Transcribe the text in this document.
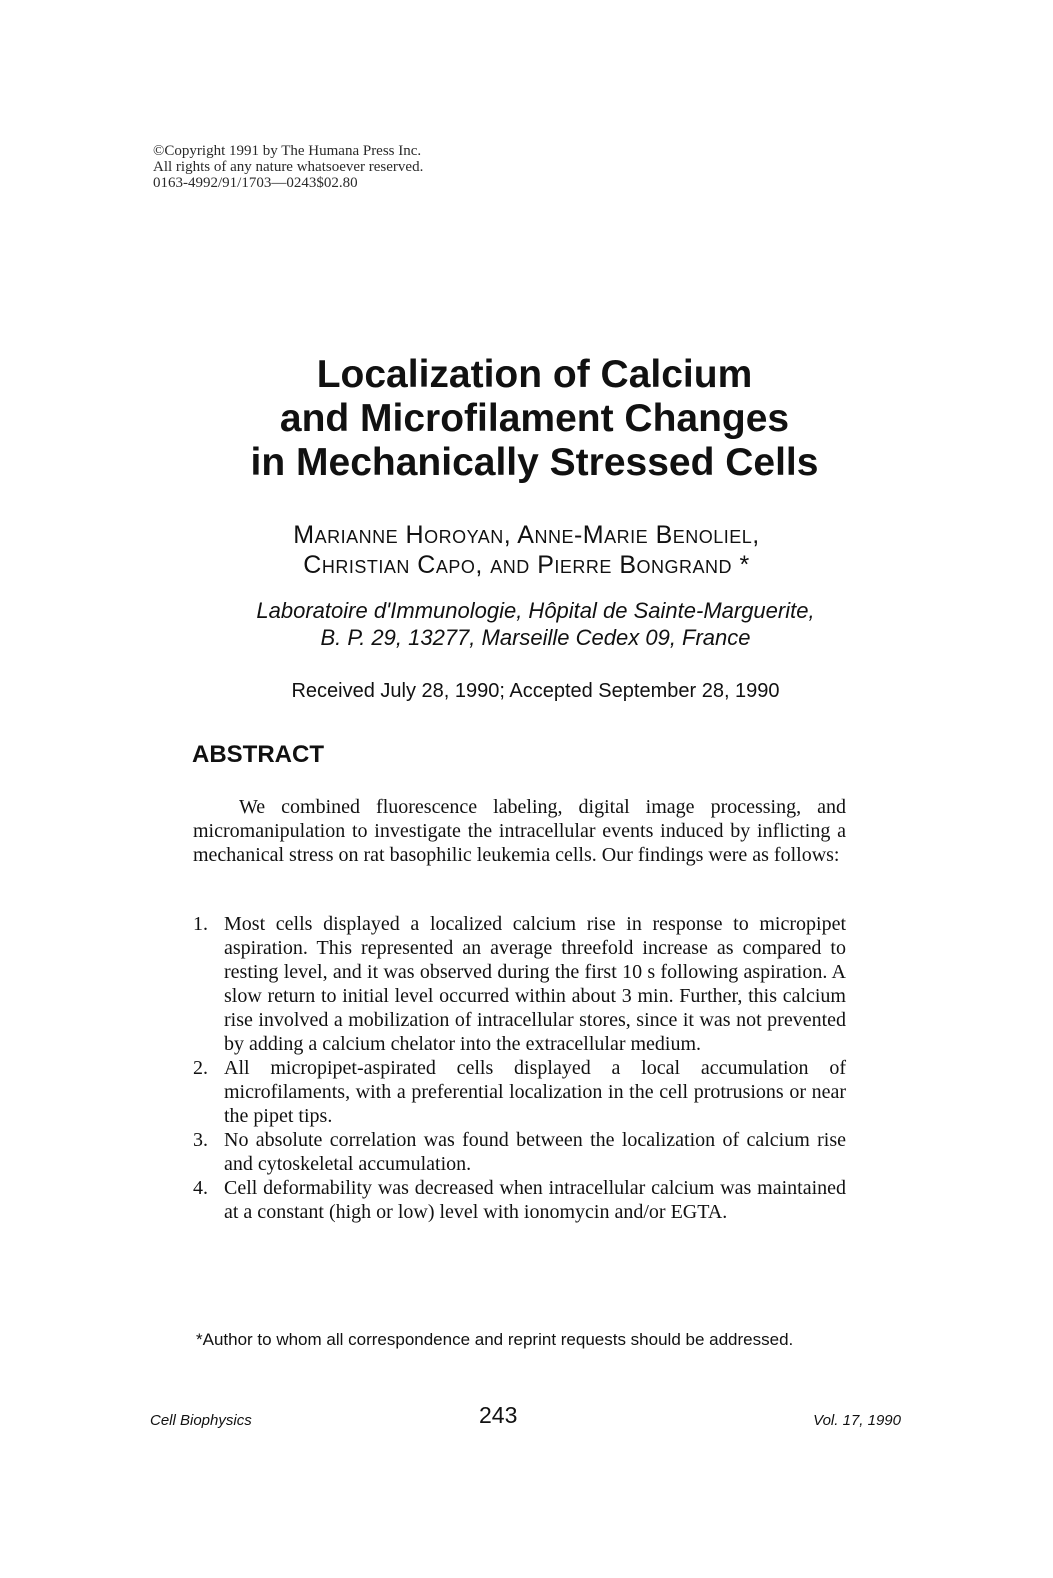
©Copyright 1991 by The Humana Press Inc.
All rights of any nature whatsoever reserved.
0163-4992/91/1703—0243$02.80
Localization of Calcium
and Microfilament Changes
in Mechanically Stressed Cells
Marianne Horoyan, Anne-Marie Benoliel,
Christian Capo, and Pierre Bongrand *
Laboratoire d'Immunologie, Hôpital de Sainte-Marguerite,
B. P. 29, 13277, Marseille Cedex 09, France
Received July 28, 1990; Accepted September 28, 1990
ABSTRACT
We combined fluorescence labeling, digital image processing, and micromanipulation to investigate the intracellular events induced by inflicting a mechanical stress on rat basophilic leukemia cells. Our findings were as follows:
1. Most cells displayed a localized calcium rise in response to micropipet aspiration. This represented an average threefold increase as compared to resting level, and it was observed during the first 10 s following aspiration. A slow return to initial level occurred within about 3 min. Further, this calcium rise involved a mobilization of intracellular stores, since it was not prevented by adding a calcium chelator into the extracellular medium.
2. All micropipet-aspirated cells displayed a local accumulation of microfilaments, with a preferential localization in the cell protrusions or near the pipet tips.
3. No absolute correlation was found between the localization of calcium rise and cytoskeletal accumulation.
4. Cell deformability was decreased when intracellular calcium was maintained at a constant (high or low) level with ionomycin and/or EGTA.
*Author to whom all correspondence and reprint requests should be addressed.
Cell Biophysics	243	Vol. 17, 1990
